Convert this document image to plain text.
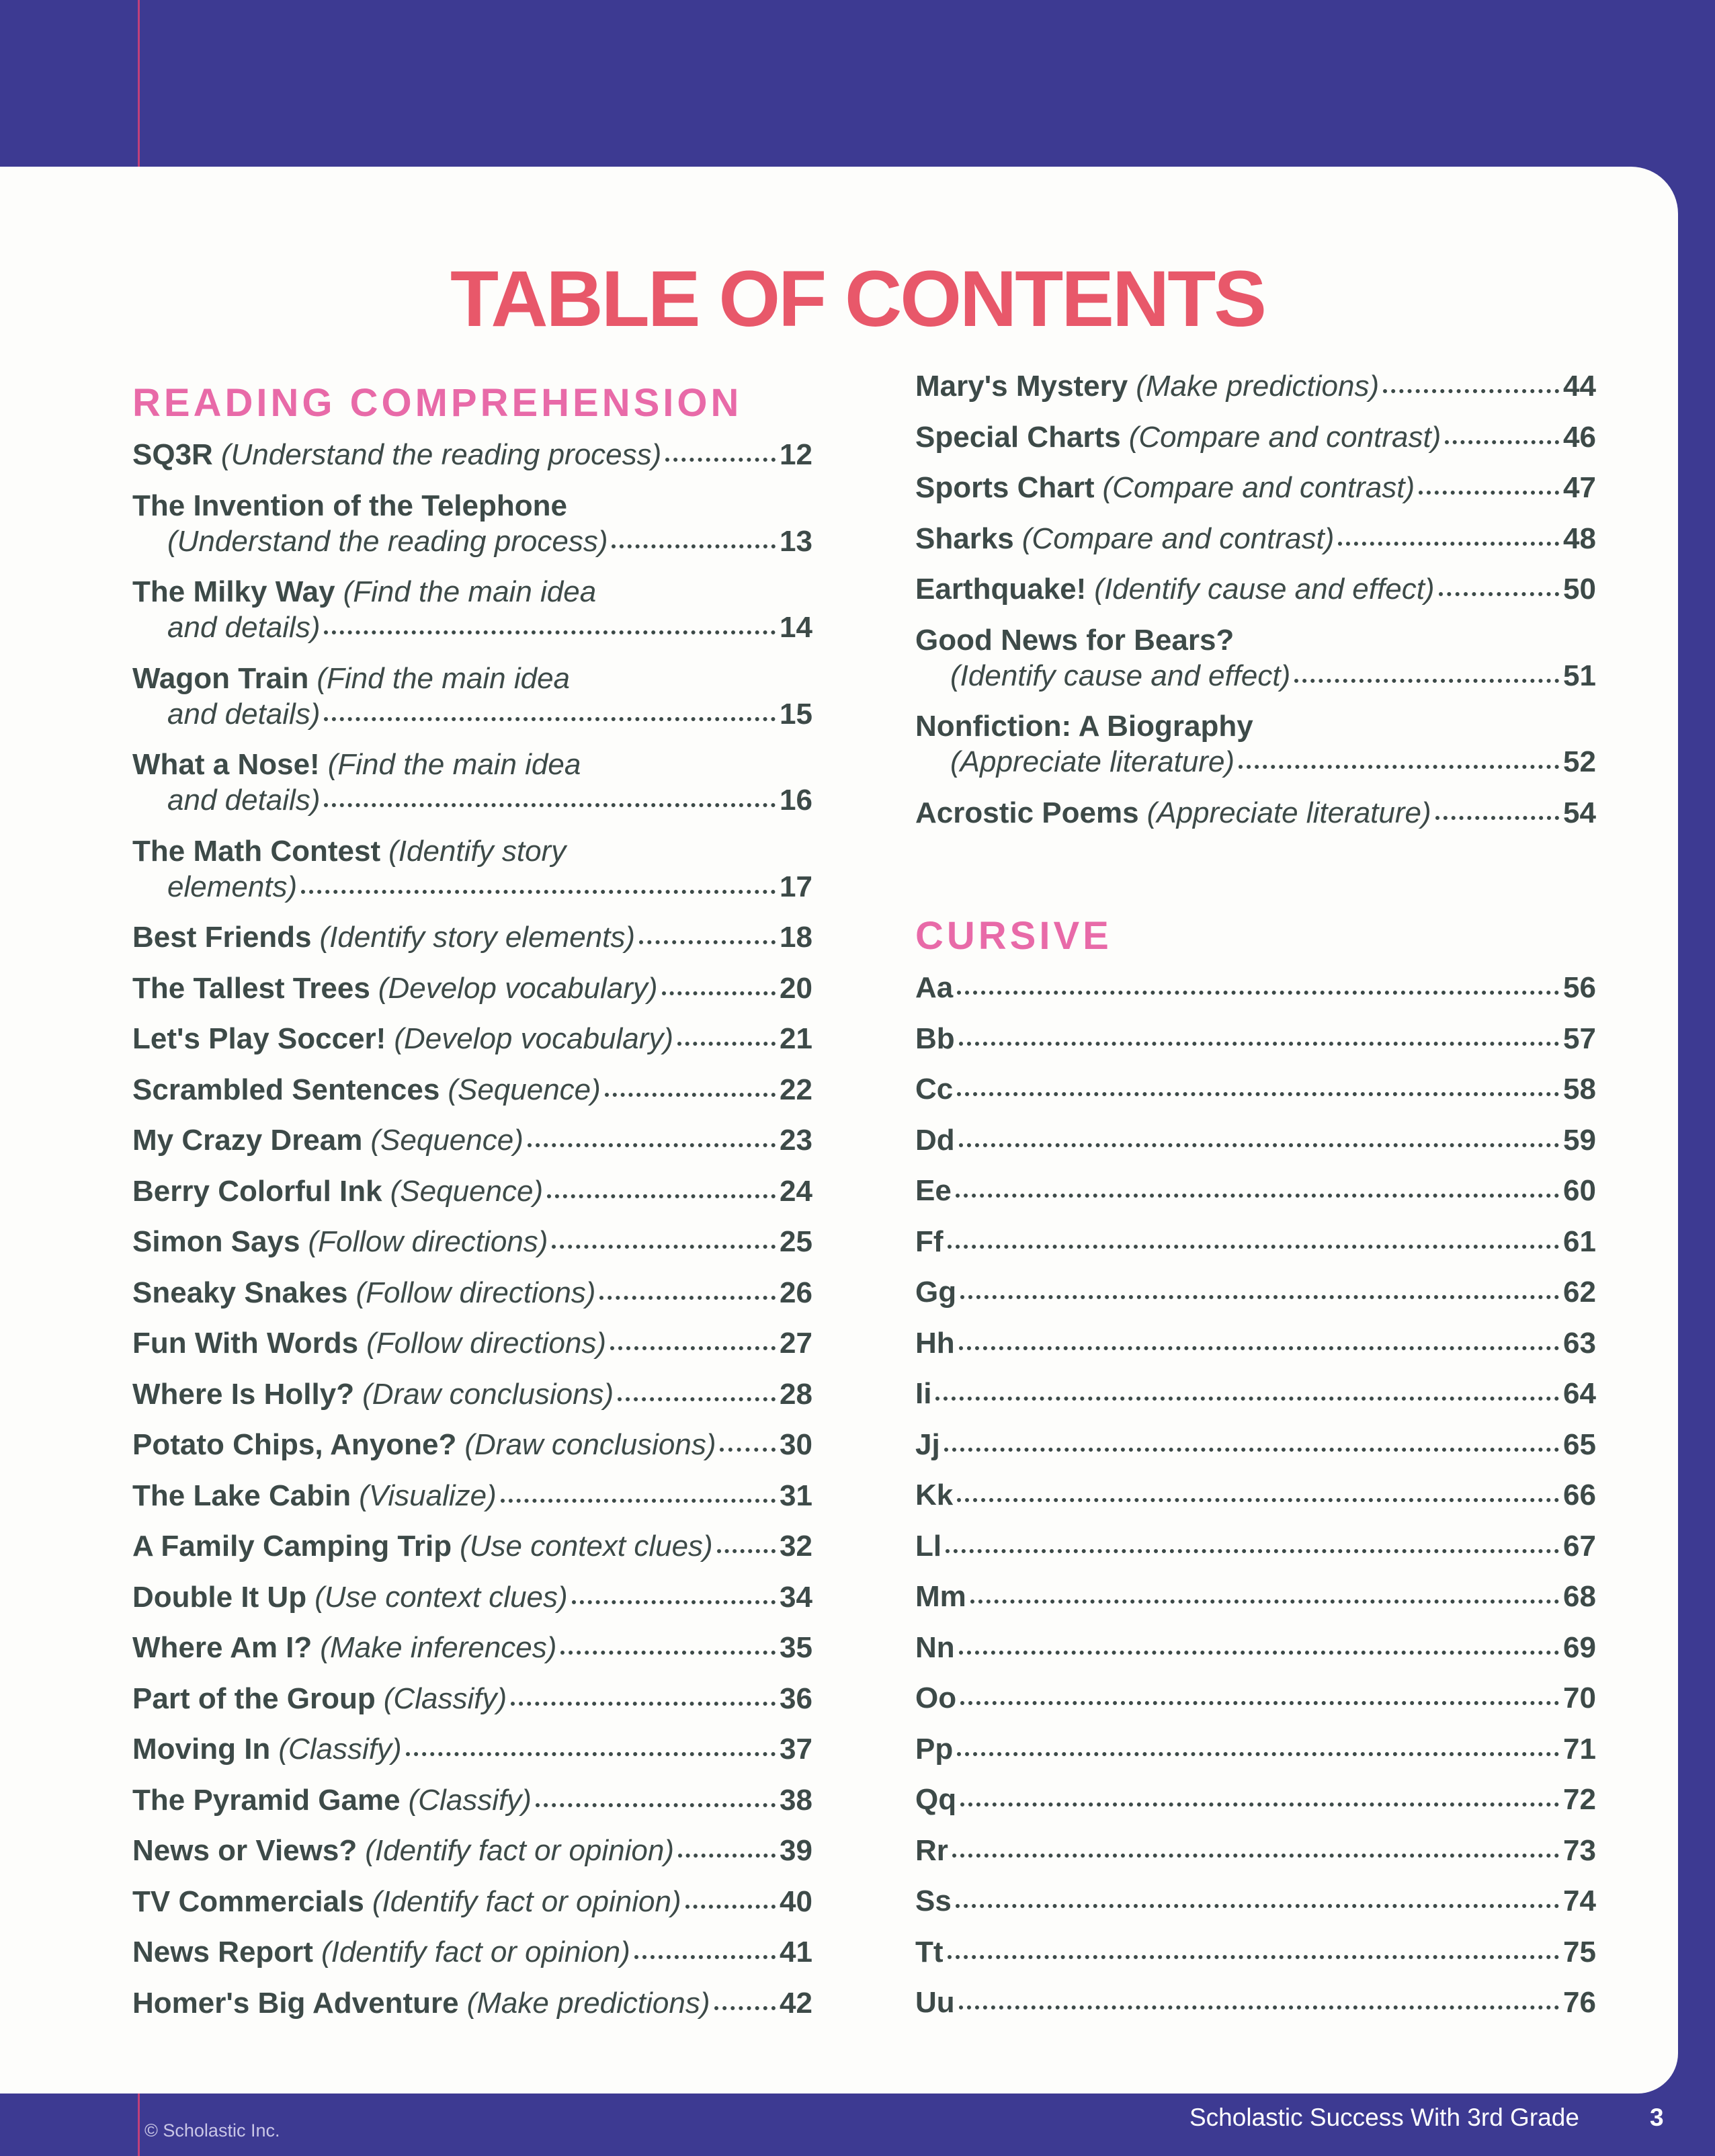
TABLE OF CONTENTS
READING COMPREHENSION
SQ3R (Understand the reading process)	12
The Invention of the Telephone
(Understand the reading process)	13
The Milky Way (Find the main idea
and details)	14
Wagon Train (Find the main idea
and details)	15
What a Nose! (Find the main idea
and details)	16
The Math Contest (Identify story
elements)	17
Best Friends (Identify story elements)	18
The Tallest Trees (Develop vocabulary)	20
Let's Play Soccer! (Develop vocabulary)	21
Scrambled Sentences (Sequence)	22
My Crazy Dream (Sequence)	23
Berry Colorful Ink (Sequence)	24
Simon Says (Follow directions)	25
Sneaky Snakes (Follow directions)	26
Fun With Words (Follow directions)	27
Where Is Holly? (Draw conclusions)	28
Potato Chips, Anyone? (Draw conclusions) 30
The Lake Cabin (Visualize)	31
A Family Camping Trip (Use context clues) 32
Double It Up (Use context clues)	34
Where Am I? (Make inferences)	35
Part of the Group (Classify)	36
Moving In (Classify)	37
The Pyramid Game (Classify)	38
News or Views? (Identify fact or opinion)	39
TV Commercials (Identify fact or opinion)	40
News Report (Identify fact or opinion)	41
Homer's Big Adventure (Make predictions) 42
Mary's Mystery (Make predictions)	44
Special Charts (Compare and contrast)	46
Sports Chart (Compare and contrast)	47
Sharks (Compare and contrast)	48
Earthquake! (Identify cause and effect)	50
Good News for Bears?
(Identify cause and effect)	51
Nonfiction: A Biography
(Appreciate literature)	52
Acrostic Poems (Appreciate literature)	54
CURSIVE
Aa	56
Bb	57
Cc	58
Dd	59
Ee	60
Ff	61
Gg	62
Hh	63
Ii	64
Jj	65
Kk	66
Ll	67
Mm	68
Nn	69
Oo	70
Pp	71
Qq	72
Rr	73
Ss	74
Tt	75
Uu	76
© Scholastic Inc.	Scholastic Success With 3rd Grade	3
